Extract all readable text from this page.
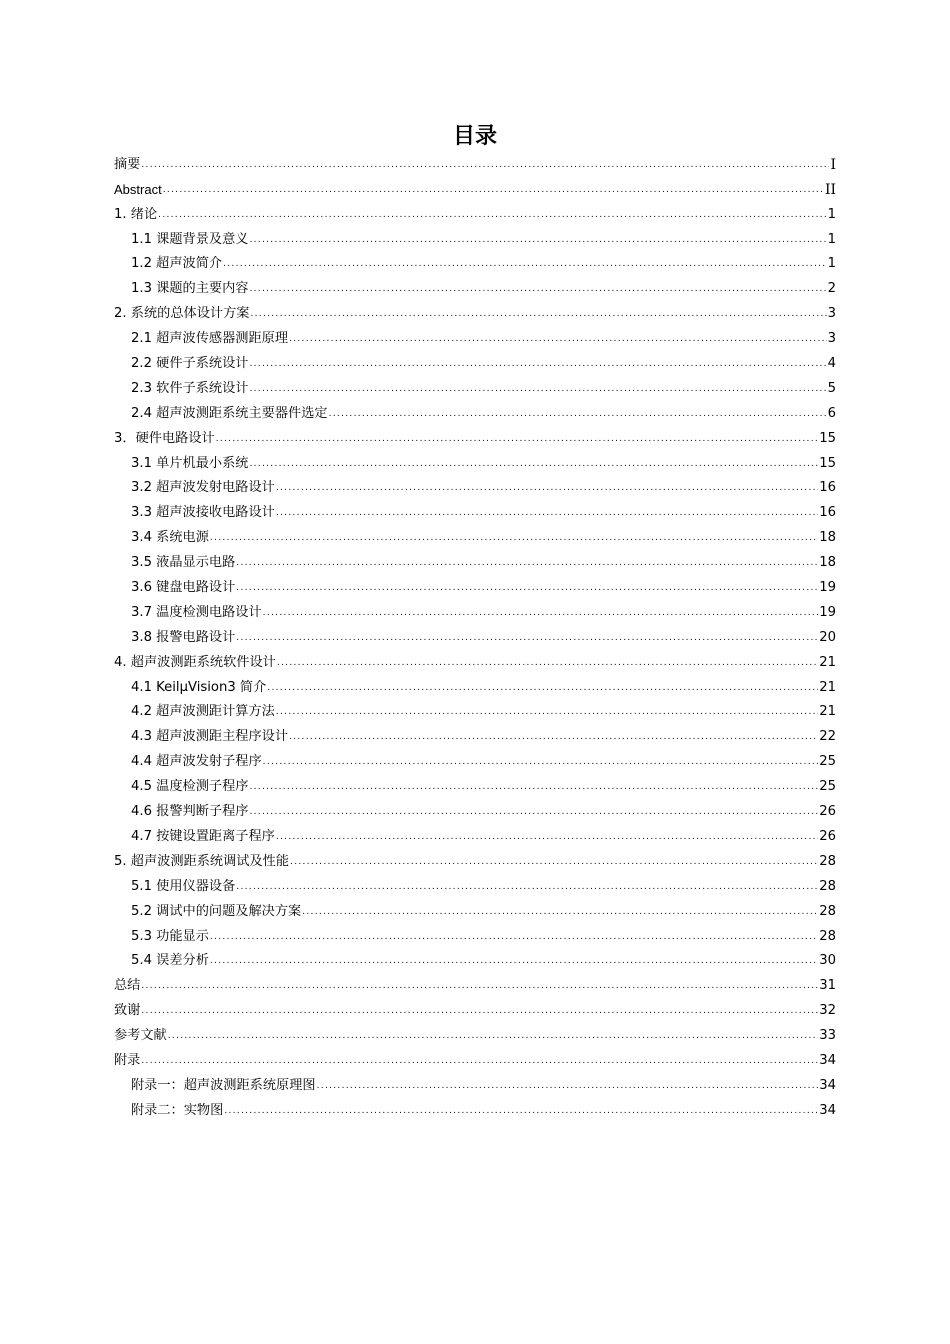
目录
摘要 .....	I
Abstract .....	II
1. 绪论 .....	1
1.1 课题背景及意义 .....	1
1.2 超声波简介 .....	1
1.3 课题的主要内容 .....	2
2. 系统的总体设计方案 .....	3
2.1 超声波传感器测距原理 .....	3
2.2 硬件子系统设计 .....	4
2.3 软件子系统设计 .....	5
2.4 超声波测距系统主要器件选定 .....	6
3．硬件电路设计 .....	15
3.1 单片机最小系统 .....	15
3.2 超声波发射电路设计 .....	16
3.3 超声波接收电路设计 .....	16
3.4 系统电源 .....	18
3.5 液晶显示电路 .....	18
3.6 键盘电路设计 .....	19
3.7 温度检测电路设计 .....	19
3.8 报警电路设计 .....	20
4. 超声波测距系统软件设计 .....	21
4.1 KeilμVision3 简介 .....	21
4.2 超声波测距计算方法 .....	21
4.3 超声波测距主程序设计 .....	22
4.4 超声波发射子程序 .....	25
4.5 温度检测子程序 .....	25
4.6 报警判断子程序 .....	26
4.7 按键设置距离子程序 .....	26
5. 超声波测距系统调试及性能 .....	28
5.1 使用仪器设备 .....	28
5.2 调试中的问题及解决方案 .....	28
5.3 功能显示 .....	28
5.4 误差分析 .....	30
总结 .....	31
致谢 .....	32
参考文献 .....	33
附录 .....	34
附录一：超声波测距系统原理图 .....	34
附录二：实物图 .....	34
